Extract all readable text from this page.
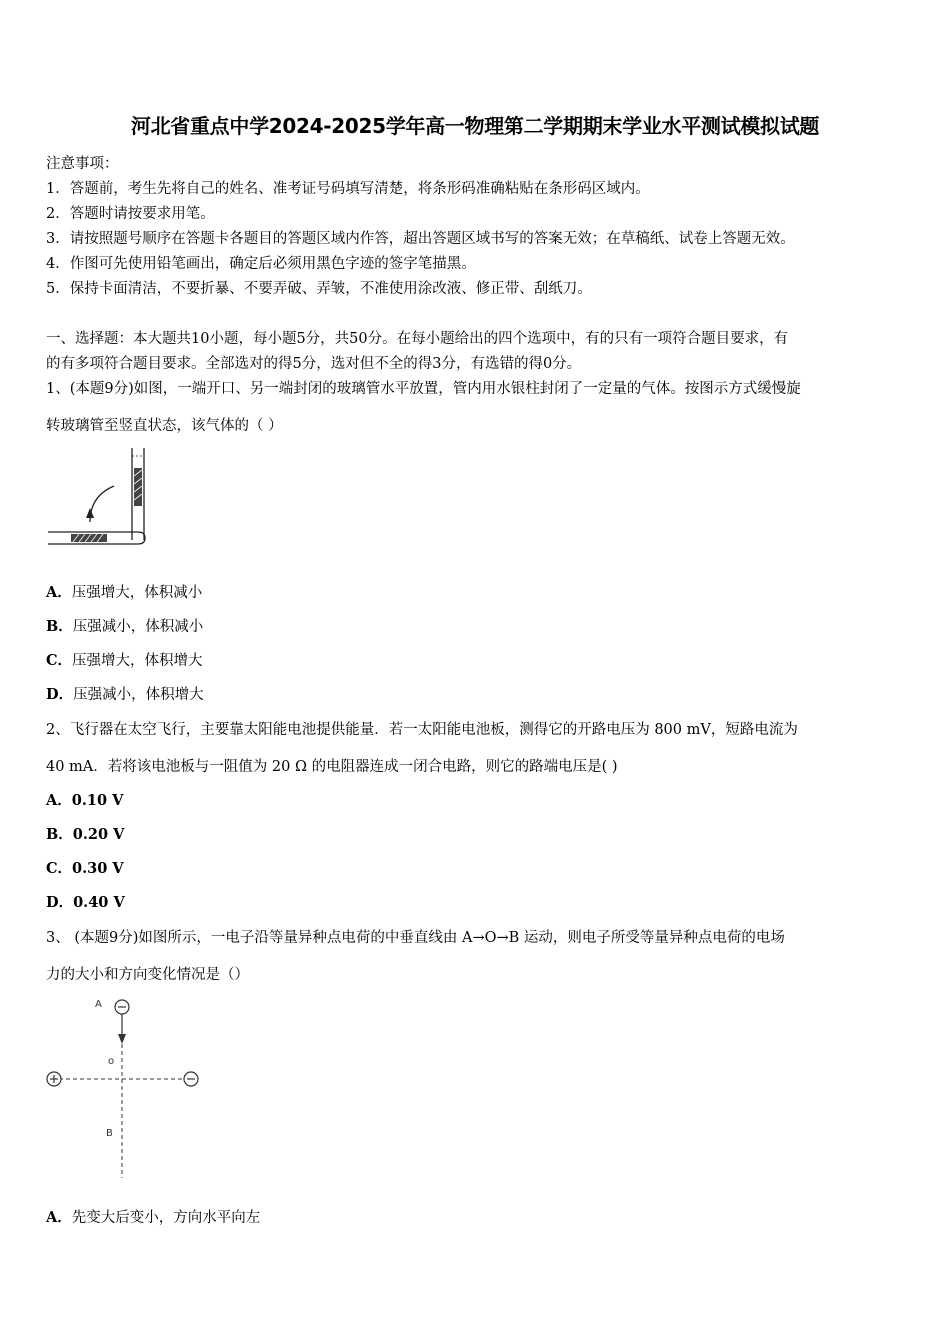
河北省重点中学2024-2025学年高一物理第二学期期末学业水平测试模拟试题
注意事项：
1．答题前，考生先将自己的姓名、准考证号码填写清楚，将条形码准确粘贴在条形码区域内。
2．答题时请按要求用笔。
3．请按照题号顺序在答题卡各题目的答题区域内作答，超出答题区域书写的答案无效；在草稿纸、试卷上答题无效。
4．作图可先使用铅笔画出，确定后必须用黑色字迹的签字笔描黑。
5．保持卡面清洁，不要折暴、不要弄破、弄皱，不准使用涂改液、修正带、刮纸刀。
一、选择题：本大题共10小题，每小题5分，共50分。在每小题给出的四个选项中，有的只有一项符合题目要求，有
的有多项符合题目要求。全部选对的得5分，选对但不全的得3分，有选错的得0分。
1、(本题9分)如图，一端开口、另一端封闭的玻璃管水平放置，管内用水银柱封闭了一定量的气体。按图示方式缓慢旋
转玻璃管至竖直状态，该气体的（ ）
A．压强增大，体积减小
B．压强减小，体积减小
C．压强增大，体积增大
D．压强减小，体积增大
2、飞行器在太空飞行，主要靠太阳能电池提供能量．若一太阳能电池板，测得它的开路电压为 800 mV，短路电流为
40 mA．若将该电池板与一阻值为 20 Ω 的电阻器连成一闭合电路，则它的路端电压是( )
A．0.10 V
B．0.20 V
C．0.30 V
D．0.40 V
3、 (本题9分)如图所示，一电子沿等量异种点电荷的中垂直线由 A→O→B 运动，则电子所受等量异种点电荷的电场
力的大小和方向变化情况是（）
A
o
B
A．先变大后变小，方向水平向左
